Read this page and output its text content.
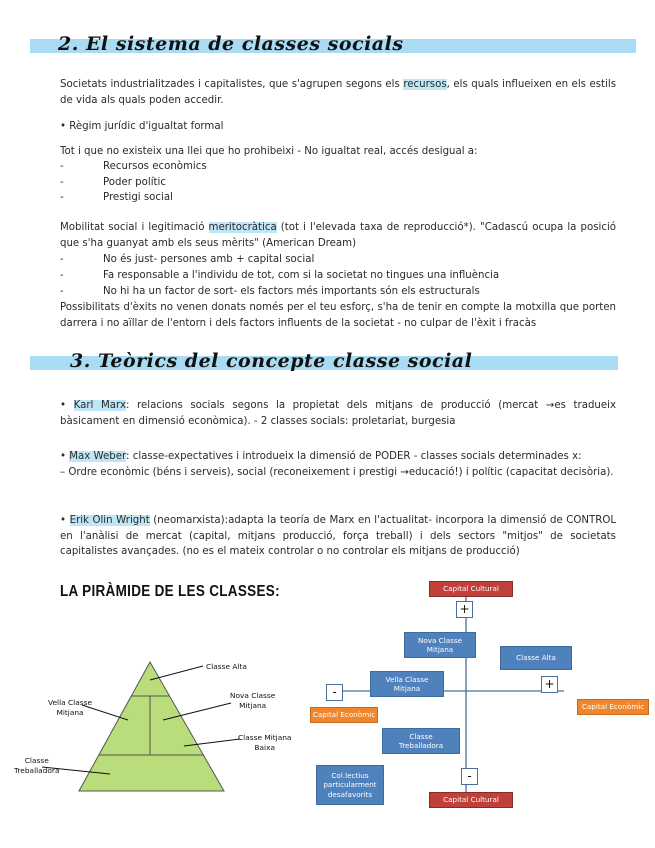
2. El sistema de classes socials
Societats industrialitzades i capitalistes, que s'agrupen segons els recursos, els quals influeixen en els estils de vida als quals poden accedir.
• Règim jurídic d'igualtat formal
Tot i que no existeix una llei que ho prohibeixi - No igualtat real, accés desigual a:
-	Recursos econòmics
-	Poder polític
-	Prestigi social
Mobilitat social i legitimació meritocràtica (tot i l'elevada taxa de reproducció*). "Cadascú ocupa la posició que s'ha guanyat amb els seus mèrits" (American Dream)
-	No és just- persones amb + capital social
-	Fa responsable a l'individu de tot, com si la societat no tingues una influència
-	No hi ha un factor de sort- els factors més importants són els estructurals
Possibilitats d'èxits no venen donats només per el teu esforç, s'ha de tenir en compte la motxilla que porten darrera i no aïllar de l'entorn i dels factors influents de la societat - no culpar de l'èxit i fracàs
3. Teòrics del concepte classe social
• Karl Marx: relacions socials segons la propietat dels mitjans de producció (mercat →es tradueix bàsicament en dimensió econòmica). - 2 classes socials: proletariat, burgesia
• Max Weber: classe-expectatives i introdueix la dimensió de PODER - classes socials determinades x:
– Ordre econòmic (béns i serveis), social (reconeixement i prestigi →educació!) i polític (capacitat decisòria).
• Erik Olin Wright (neomarxista):adapta la teoría de Marx en l'actualitat- incorpora la dimensió de CONTROL en l'anàlisi de mercat (capital, mitjans producció, força treball) i dels sectors "mitjos" de societats capitalistes avançades. (no es el mateix controlar o no controlar els mitjans de producció)
LA PIRÀMIDE DE LES CLASSES:
Classe Alta
Nova Classe
Mitjana
Vella Classe
Mitjana
Classe Mitjana
Baixa
Classe
Treballadora
Capital Cultural
+
Nova Classe
Mitjana
Classe Alta
Vella Classe
Mitjana
-
+
Capital Econòmic
Capital Econòmic
Classe
Treballadora
Col.lectius
particularment
desafavorits
-
Capital Cultural
